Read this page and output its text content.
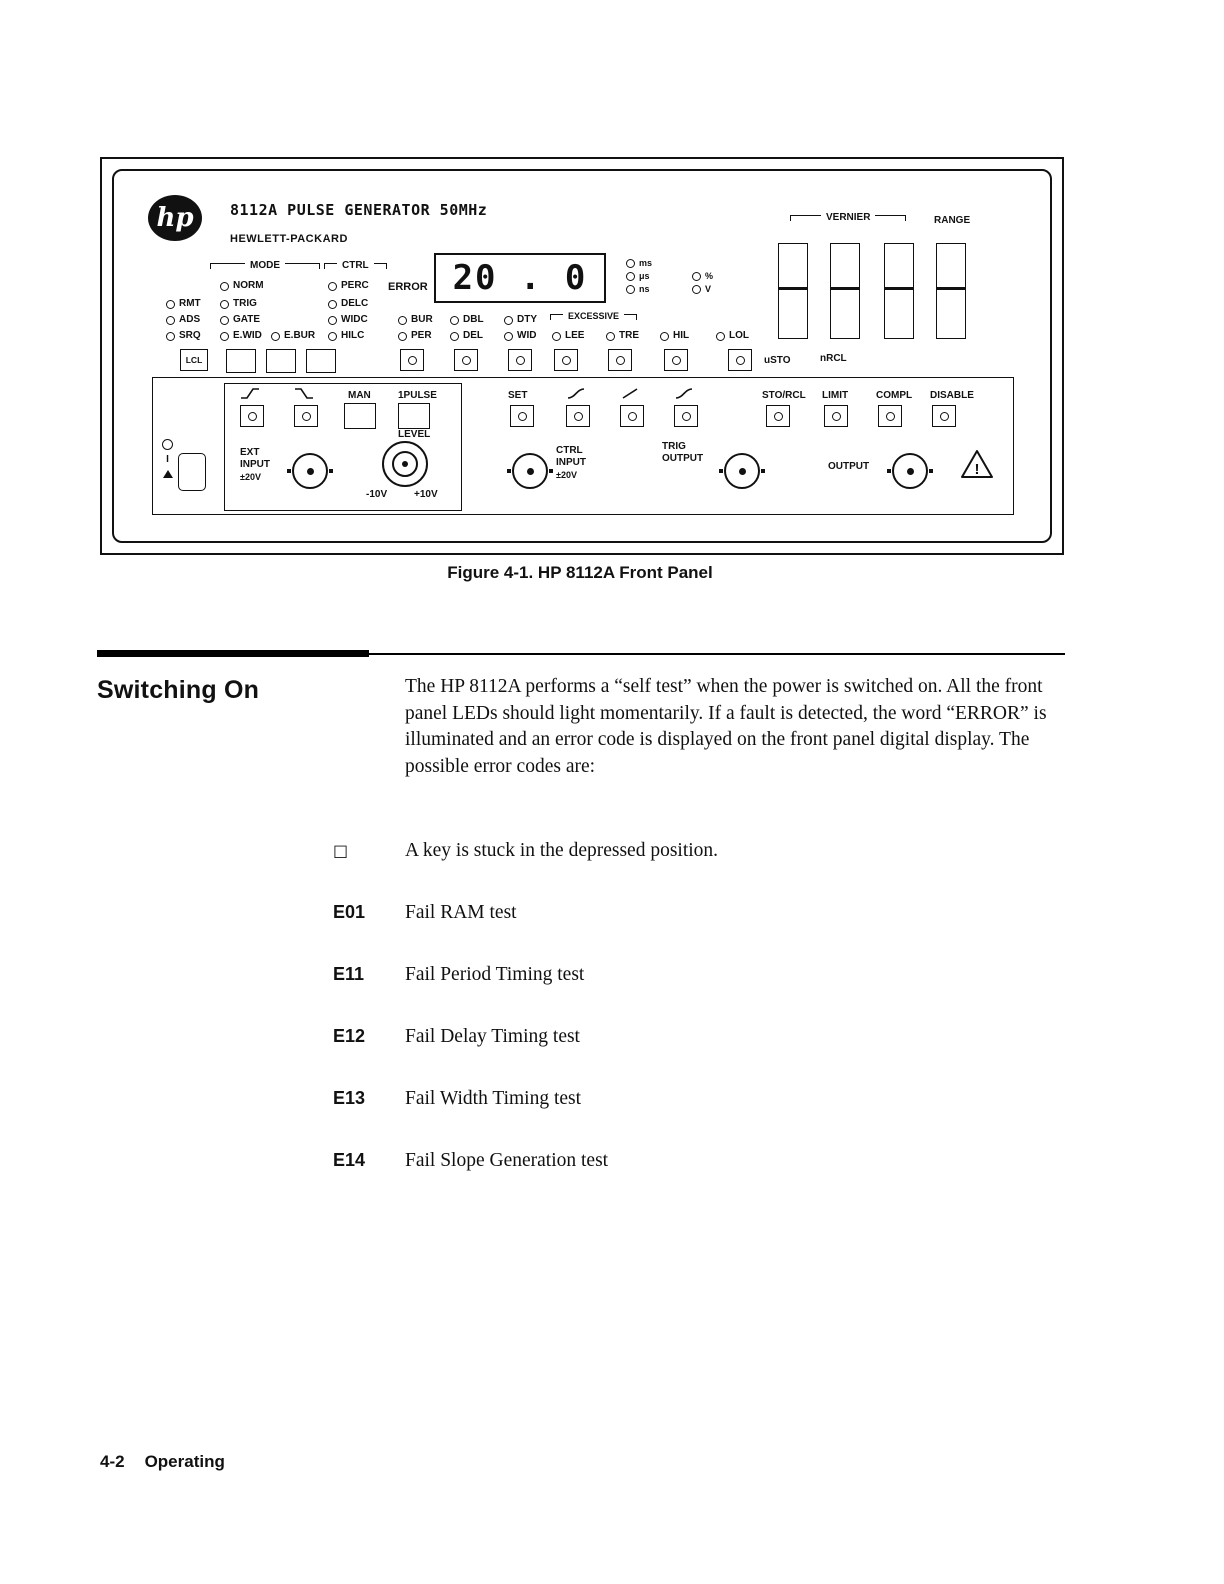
hp	8112A PULSE GENERATOR 50MHz
HEWLETT-PACKARD
MODE	CTRL
ERROR 20 . 0
NORM	PERC
RMT	TRIG	DELC
ADS	GATE	WIDC	BUR	DBL	DTY	EXCESSIVE
SRQ	E.WID	E.BUR	HILC	PER	DEL	WID	LEE	TRE	HIL	LOL
ms
μs
ns
%
V
LCL
VERNIER	RANGE
uSTO	nRCL
MAN	1PULSE	SET	STO/RCL LIMIT	COMPL DISABLE
I
EXT
INPUT
±20V
LEVEL
-10V	+10V
CTRL
INPUT
±20V
TRIG
OUTPUT
OUTPUT	!
Figure 4-1. HP 8112A Front Panel
Switching On	The HP 8112A performs a “self test” when the power is switched on. All the front panel LEDs should light momentarily. If a fault is detected, the word “ERROR” is illuminated and an error code is displayed on the front panel digital display. The possible error codes are:
□	A key is stuck in the depressed position.
E01 Fail RAM test
E11 Fail Period Timing test
E12 Fail Delay Timing test
E13 Fail Width Timing test
E14 Fail Slope Generation test
4-2 Operating
